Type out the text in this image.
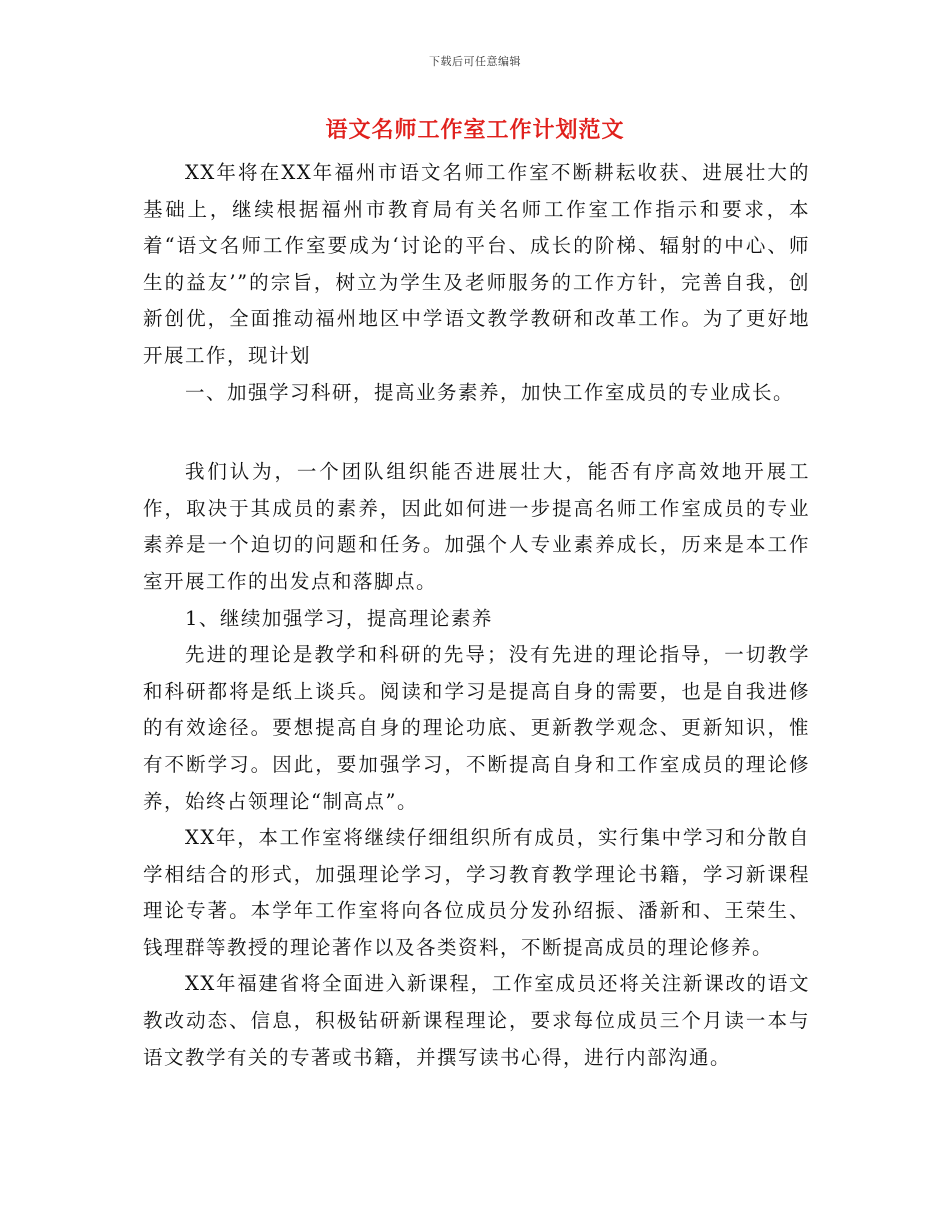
下载后可任意编辑
语文名师工作室工作计划范文

XX年将在XX年福州市语文名师工作室不断耕耘收获、进展壮大的基础上，继续根据福州市教育局有关名师工作室工作指示和要求，本着“语文名师工作室要成为‘讨论的平台、成长的阶梯、辐射的中心、师生的益友’”的宗旨，树立为学生及老师服务的工作方针，完善自我，创新创优，全面推动福州地区中学语文教学教研和改革工作。为了更好地开展工作，现计划

一、加强学习科研，提高业务素养，加快工作室成员的专业成长。

我们认为，一个团队组织能否进展壮大，能否有序高效地开展工作，取决于其成员的素养，因此如何进一步提高名师工作室成员的专业素养是一个迫切的问题和任务。加强个人专业素养成长，历来是本工作室开展工作的出发点和落脚点。

1、继续加强学习，提高理论素养

先进的理论是教学和科研的先导；没有先进的理论指导，一切教学和科研都将是纸上谈兵。阅读和学习是提高自身的需要，也是自我进修的有效途径。要想提高自身的理论功底、更新教学观念、更新知识，惟有不断学习。因此，要加强学习，不断提高自身和工作室成员的理论修养，始终占领理论“制高点”。

XX年，本工作室将继续仔细组织所有成员，实行集中学习和分散自学相结合的形式，加强理论学习，学习教育教学理论书籍，学习新课程理论专著。本学年工作室将向各位成员分发孙绍振、潘新和、王荣生、钱理群等教授的理论著作以及各类资料，不断提高成员的理论修养。

XX年福建省将全面进入新课程，工作室成员还将关注新课改的语文教改动态、信息，积极钻研新课程理论，要求每位成员三个月读一本与语文教学有关的专著或书籍，并撰写读书心得，进行内部沟通。
